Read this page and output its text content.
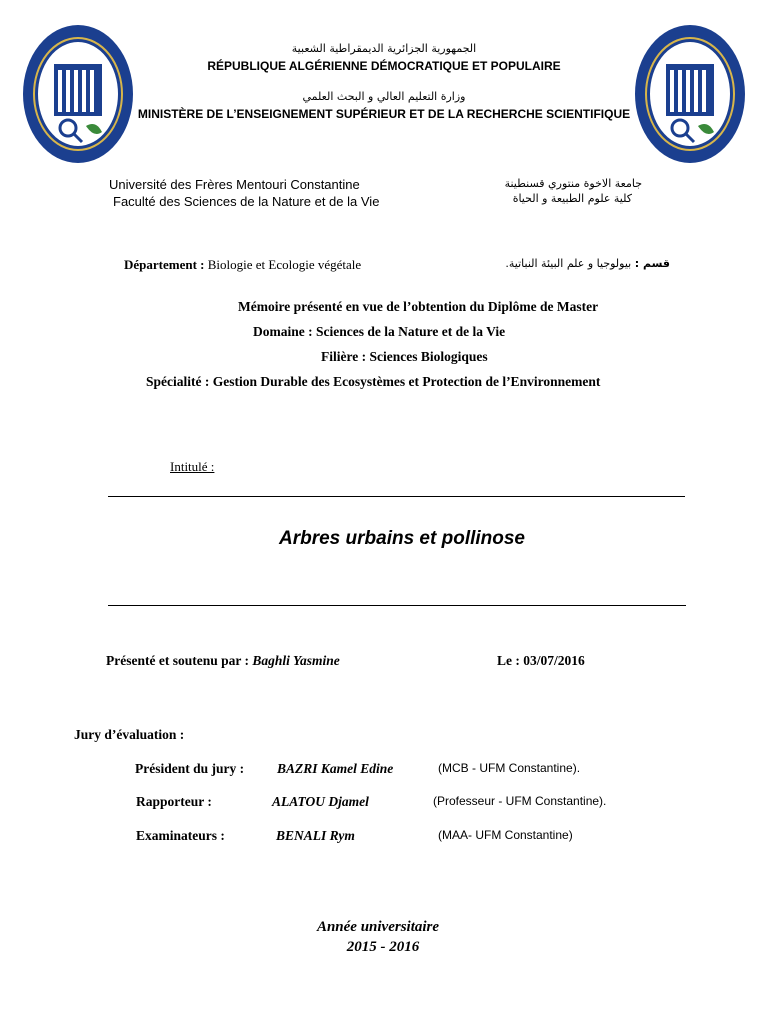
الجمهورية الجزائرية الديمقراطية الشعبية
RÉPUBLIQUE ALGÉRIENNE DÉMOCRATIQUE ET POPULAIRE
وزارة التعليم العالي و البحث العلمي
MINISTÈRE DE L’ENSEIGNEMENT SUPÉRIEUR ET DE LA RECHERCHE SCIENTIFIQUE
Université des Frères Mentouri Constantine
Faculté des Sciences de la Nature et de la Vie
جامعة الاخوة منتوري قسنطينة
كلية علوم الطبيعة و الحياة
Département : Biologie et Ecologie végétale	قسم : بيولوجيا و علم البيئة النباتية.
Mémoire présenté en vue de l’obtention du Diplôme de Master
Domaine : Sciences de la Nature et de la Vie
Filière : Sciences Biologiques
Spécialité : Gestion Durable des Ecosystèmes et Protection de l’Environnement
Intitulé :
Arbres urbains et pollinose
Présenté et soutenu par : Baghli Yasmine	Le : 03/07/2016
Jury d’évaluation :
Président du jury : BAZRI Kamel Edine	(MCB - UFM Constantine).
Rapporteur :	ALATOU Djamel	(Professeur - UFM Constantine).
Examinateurs :	BENALI Rym	(MAA- UFM Constantine)
Année universitaire
2015 - 2016
